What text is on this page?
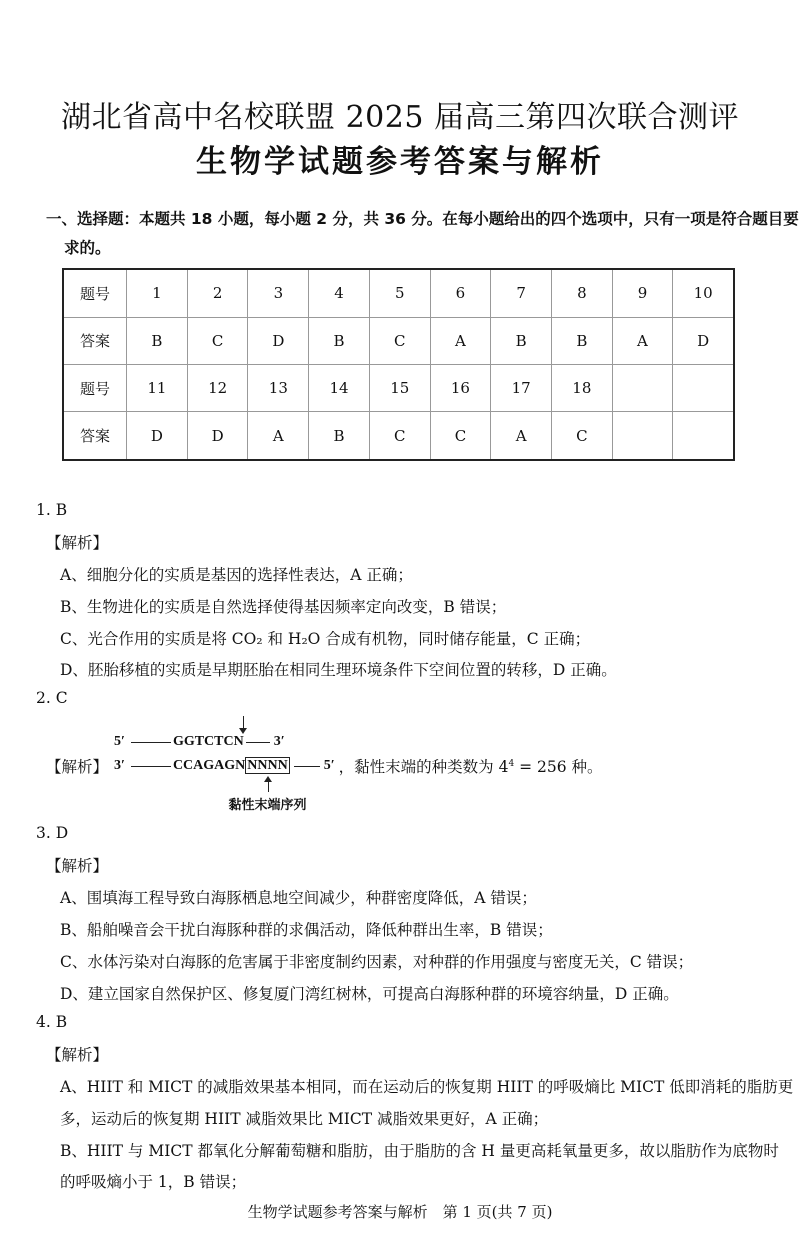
湖北省高中名校联盟 2025 届高三第四次联合测评
生物学试题参考答案与解析
一、选择题：本题共 18 小题，每小题 2 分，共 36 分。在每小题给出的四个选项中，只有一项是符合题目要
求的。
题号	1	2	3	4	5	6	7	8	9	10
答案	B	C	D	B	C	A	B	B	A	D
题号	11	12	13	14	15	16	17	18		
答案	D	D	A	B	C	C	A	C		
1. B
【解析】
A、细胞分化的实质是基因的选择性表达，A 正确；
B、生物进化的实质是自然选择使得基因频率定向改变，B 错误；
C、光合作用的实质是将 CO₂ 和 H₂O 合成有机物，同时储存能量，C 正确；
D、胚胎移植的实质是早期胚胎在相同生理环境条件下空间位置的转移，D 正确。
2. C
5′	GGTCTCN 3′
【解析】 3′	CCAGAGN NNNN
黏性末端序列
5′ ，黏性末端的种类数为 $4^4 = 256$ 种。
3. D
【解析】
A、围填海工程导致白海豚栖息地空间减少，种群密度降低，A 错误；
B、船舶噪音会干扰白海豚种群的求偶活动，降低种群出生率，B 错误；
C、水体污染对白海豚的危害属于非密度制约因素，对种群的作用强度与密度无关，C 错误；
D、建立国家自然保护区、修复厦门湾红树林，可提高白海豚种群的环境容纳量，D 正确。
4. B
【解析】
A、HIIT 和 MICT 的减脂效果基本相同，而在运动后的恢复期 HIIT 的呼吸熵比 MICT 低即消耗的脂肪更
多，运动后的恢复期 HIIT 减脂效果比 MICT 减脂效果更好，A 正确；
B、HIIT 与 MICT 都氧化分解葡萄糖和脂肪，由于脂肪的含 H 量更高耗氧量更多，故以脂肪作为底物时
的呼吸熵小于 1，B 错误；
生物学试题参考答案与解析　第 1 页(共 7 页)
